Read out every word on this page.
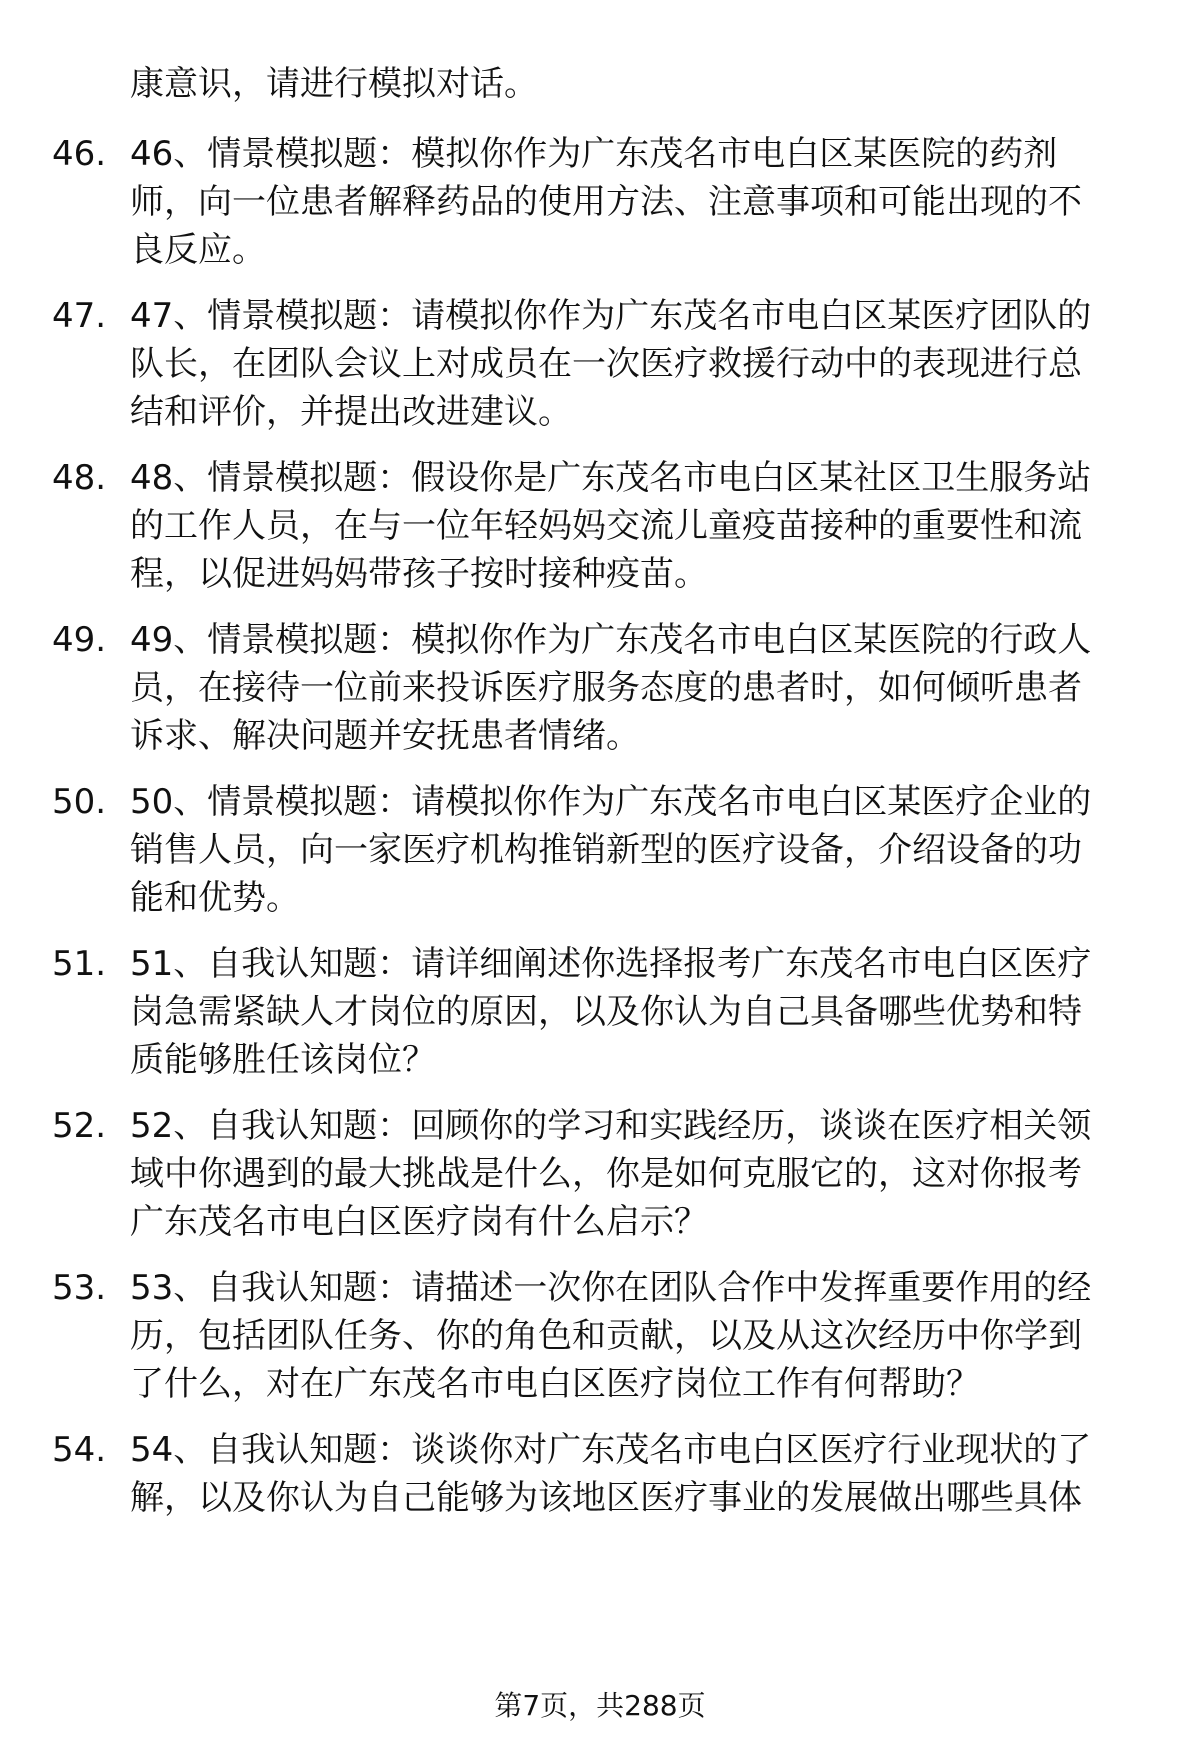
康意识，请进行模拟对话。
46. 46、情景模拟题：模拟你作为广东茂名市电白区某医院的药剂
师，向一位患者解释药品的使用方法、注意事项和可能出现的不
良反应。
47. 47、情景模拟题：请模拟你作为广东茂名市电白区某医疗团队的
队长，在团队会议上对成员在一次医疗救援行动中的表现进行总
结和评价，并提出改进建议。
48. 48、情景模拟题：假设你是广东茂名市电白区某社区卫生服务站
的工作人员，在与一位年轻妈妈交流儿童疫苗接种的重要性和流
程，以促进妈妈带孩子按时接种疫苗。
49. 49、情景模拟题：模拟你作为广东茂名市电白区某医院的行政人
员，在接待一位前来投诉医疗服务态度的患者时，如何倾听患者
诉求、解决问题并安抚患者情绪。
50. 50、情景模拟题：请模拟你作为广东茂名市电白区某医疗企业的
销售人员，向一家医疗机构推销新型的医疗设备，介绍设备的功
能和优势。
51. 51、自我认知题：请详细阐述你选择报考广东茂名市电白区医疗
岗急需紧缺人才岗位的原因，以及你认为自己具备哪些优势和特
质能够胜任该岗位？
52. 52、自我认知题：回顾你的学习和实践经历，谈谈在医疗相关领
域中你遇到的最大挑战是什么，你是如何克服它的，这对你报考
广东茂名市电白区医疗岗有什么启示？
53. 53、自我认知题：请描述一次你在团队合作中发挥重要作用的经
历，包括团队任务、你的角色和贡献，以及从这次经历中你学到
了什么，对在广东茂名市电白区医疗岗位工作有何帮助？
54. 54、自我认知题：谈谈你对广东茂名市电白区医疗行业现状的了
解，以及你认为自己能够为该地区医疗事业的发展做出哪些具体
第7页，共288页
